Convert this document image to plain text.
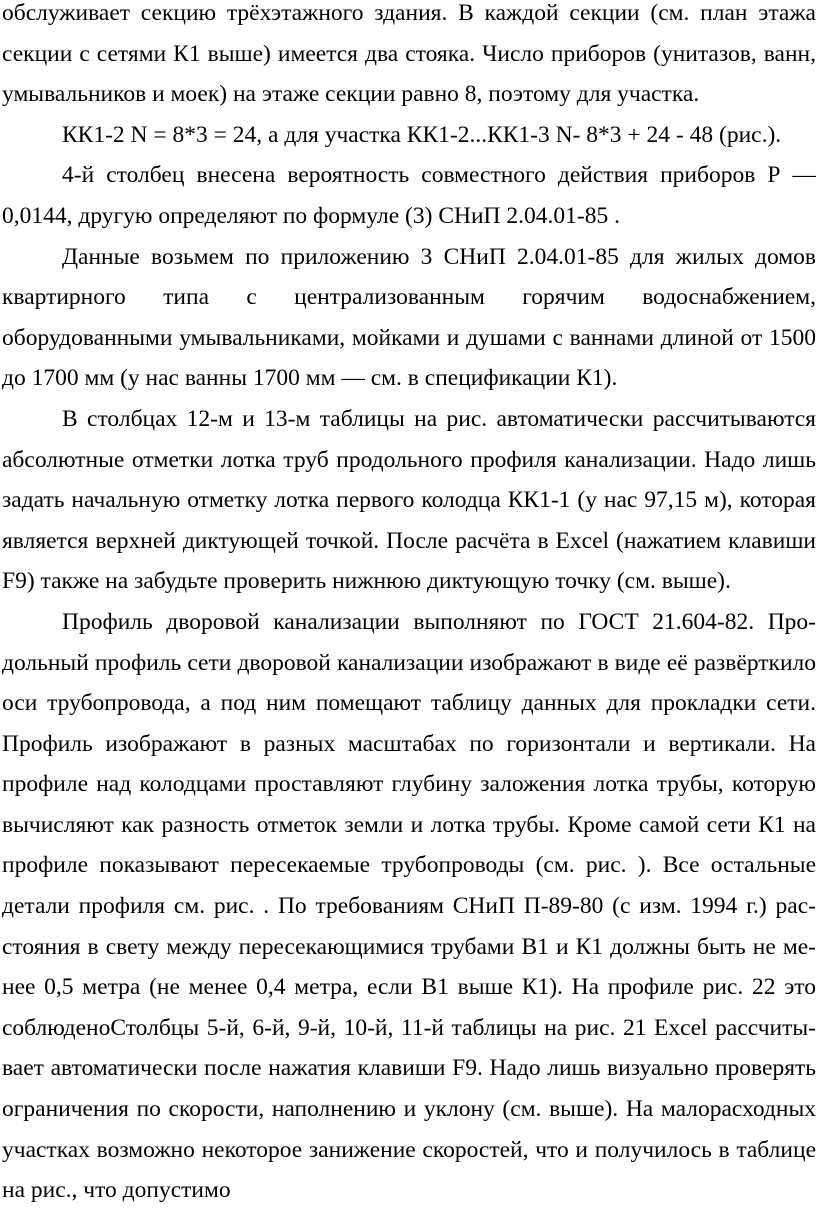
обслуживает секцию трёхэтажного здания. В каждой секции (см. план этажа секции с сетями К1 выше) имеется два стояка. Число приборов (унитазов, ванн, умывальников и моек) на этаже секции равно 8, поэтому для участка.

КК1-2 N = 8*3 = 24, а для участка КК1-2...КК1-3 N- 8*3 + 24 - 48 (рис.).

4-й столбец внесена вероятность совместного действия приборов Р — 0,0144, другую определяют по формуле (3) СНиП 2.04.01-85 .

Данные возьмем по приложению 3 СНиП 2.04.01-85 для жилых домов квартирного типа с централизованным горячим водоснабжением, оборудованными умывальниками, мойками и душами с ваннами длиной от 1500 до 1700 мм (у нас ванны 1700 мм — см. в спецификации К1).

В столбцах 12-м и 13-м таблицы на рис. автоматически рассчитываются абсолютные отметки лотка труб продольного профиля канализации. Надо лишь задать начальную отметку лотка первого колодца КК1-1 (у нас 97,15 м), которая является верхней диктующей точкой. После расчёта в Excel (нажатием клавиши F9) также на забудьте проверить нижнюю диктующую точку (см. выше).

Профиль дворовой канализации выполняют по ГОСТ 21.604-82. Продольный профиль сети дворовой канализации изображают в виде её развёрткило оси трубопровода, а под ним помещают таблицу данных для прокладки сети. Профиль изображают в разных масштабах по горизонтали и вертикали. На профиле над колодцами проставляют глубину заложения лотка трубы, которую вычисляют как разность отметок земли и лотка трубы. Кроме самой сети К1 на профиле показывают пересекаемые трубопроводы (см. рис. ). Все остальные детали профиля см. рис. . По требованиям СНиП П-89-80 (с изм. 1994 г.) расстояния в свету между пересекающимися трубами В1 и К1 должны быть не менее 0,5 метра (не менее 0,4 метра, если В1 выше К1). На профиле рис. 22 это соблюденоСтолбцы 5-й, 6-й, 9-й, 10-й, 11-й таблицы на рис. 21 Excel рассчитывает автоматически после нажатия клавиши F9. Надо лишь визуально проверять ограничения по скорости, наполнению и уклону (см. выше). На малорасходных участках возможно некоторое занижение скоростей, что и получилось в таблице на рис., что допустимо
